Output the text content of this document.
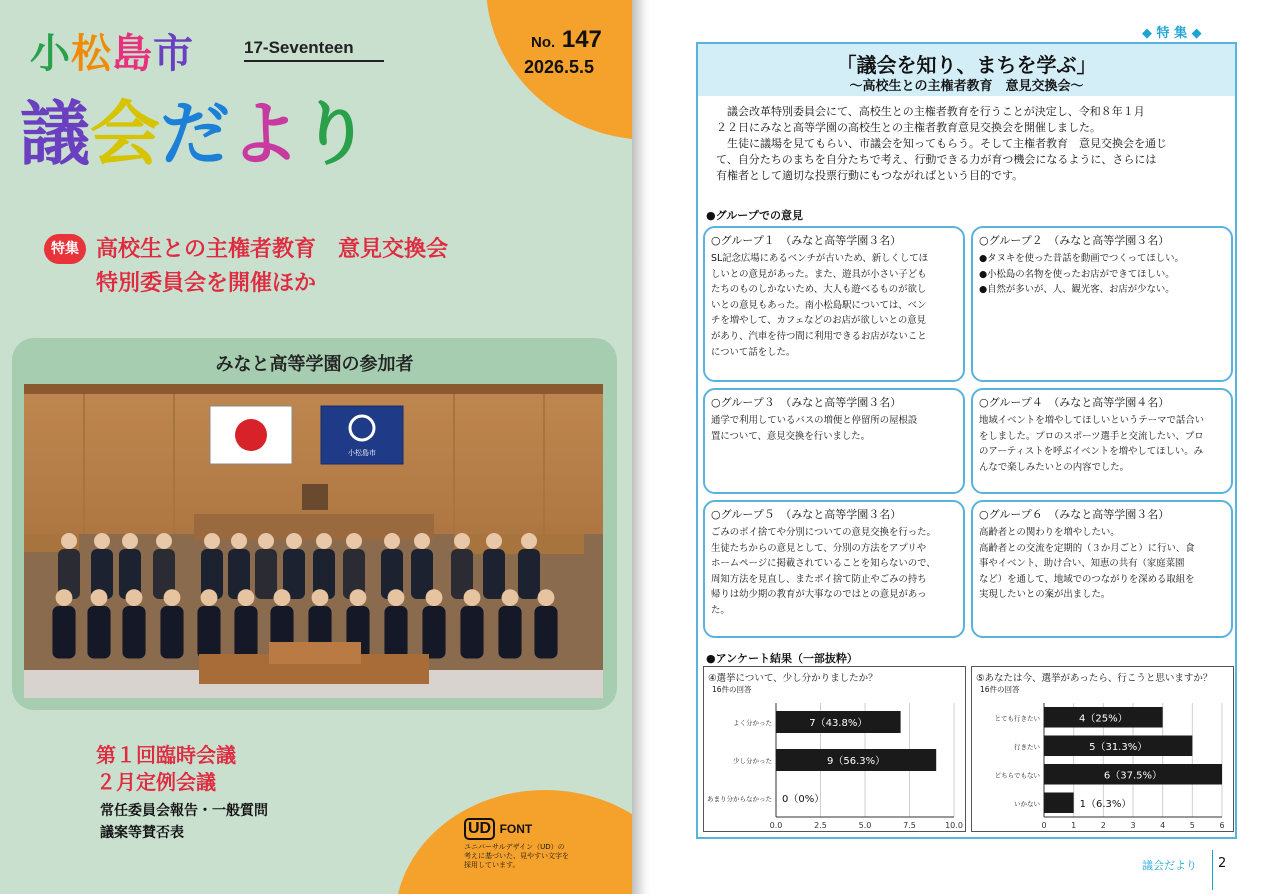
小松島市
議会だより
17-Seventeen	No. 147
2026.5.5
特集 高校生との主権者教育　意見交換会
特別委員会を開催ほか
みなと高等学園の参加者
小松島市
第１回臨時会議
２月定例会議
常任委員会報告・一般質問
議案等賛否表	UD FONT
ユニバーサルデザイン（UD）の
考えに基づいた、見やすい文字を
採用しています。
◆ 特 集 ◆
「議会を知り、まちを学ぶ」
～高校生との主権者教育　意見交換会～
　議会改革特別委員会にて、高校生との主権者教育を行うことが決定し、令和８年１月
２２日にみなと高等学園の高校生との主権者教育意見交換会を開催しました。
　生徒に議場を見てもらい、市議会を知ってもらう。そして主権者教育　意見交換会を通じ
て、自分たちのまちを自分たちで考え、行動できる力が育つ機会になるように、さらには
有権者として適切な投票行動にもつながればという目的です。
●グループでの意見
○グループ１　（みなと高等学園３名）
SL記念広場にあるベンチが古いため、新しくしてほ
しいとの意見があった。また、遊具が小さい子ども
たちのものしかないため、大人も遊べるものが欲し
いとの意見もあった。南小松島駅については、ベン
チを増やして、カフェなどのお店が欲しいとの意見
があり、汽車を待つ間に利用できるお店がないこと
について話をした。
○グループ２　（みなと高等学園３名）
●タヌキを使った昔話を動画でつくってほしい。
●小松島の名物を使ったお店ができてほしい。
●自然が多いが、人、観光客、お店が少ない。
○グループ３　（みなと高等学園３名）
通学で利用しているバスの増便と停留所の屋根設
置について、意見交換を行いました。
○グループ４　（みなと高等学園４名）
地域イベントを増やしてほしいというテーマで話合い
をしました。プロのスポーツ選手と交流したい、プロ
のアーティストを呼ぶイベントを増やしてほしい。み
んなで楽しみたいとの内容でした。
○グループ５　（みなと高等学園３名）
ごみのポイ捨てや分別についての意見交換を行った。
生徒たちからの意見として、分別の方法をアプリや
ホームページに掲載されていることを知らないので、
周知方法を見直し、またポイ捨て防止やごみの持ち
帰りは幼少期の教育が大事なのではとの意見があっ
た。
○グループ６　（みなと高等学園３名）
高齢者との関わりを増やしたい。
高齢者との交流を定期的（３か月ごと）に行い、食
事やイベント、助け合い、知恵の共有（家庭菜園
など）を通して、地域でのつながりを深める取組を
実現したいとの案が出ました。
●アンケート結果（一部抜粋）
④選挙について、少し分かりましたか？
16件の回答
0.0	2.5	5.0	7.5	10.0
よく分かった	7（43.8%）
少し分かった	9（56.3%）
あまり分からなかった 0（0%）
⑤あなたは今、選挙があったら、行こうと思いますか？
16件の回答
0	1	2	3	4	5	6
とても行きたい	4（25%）
行きたい	5（31.3%）
どちらでもない	6（37.5%）
いかない	1（6.3%）
議会だより 2
